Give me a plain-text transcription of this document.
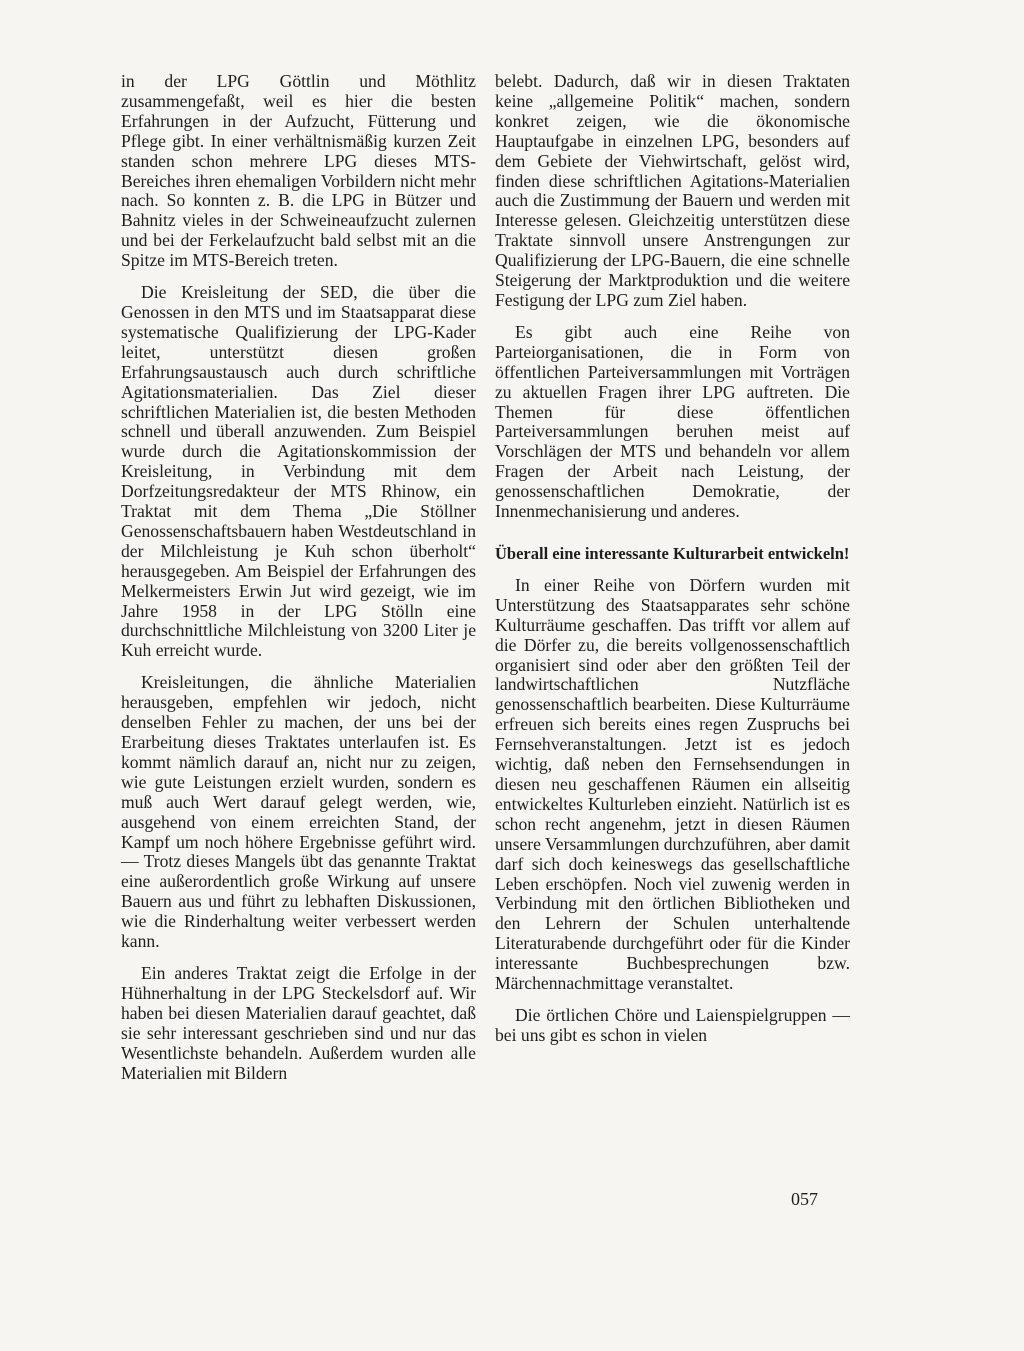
in der LPG Göttlin und Möthlitz zusammengefaßt, weil es hier die besten Erfahrungen in der Aufzucht, Fütterung und Pflege gibt. In einer verhältnismäßig kurzen Zeit standen schon mehrere LPG dieses MTS-Bereiches ihren ehemaligen Vorbildern nicht mehr nach. So konnten z. B. die LPG in Bützer und Bahnitz vieles in der Schweineaufzucht zulernen und bei der Ferkelaufzucht bald selbst mit an die Spitze im MTS-Bereich treten.

Die Kreisleitung der SED, die über die Genossen in den MTS und im Staatsapparat diese systematische Qualifizierung der LPG-Kader leitet, unterstützt diesen großen Erfahrungsaustausch auch durch schriftliche Agitationsmaterialien. Das Ziel dieser schriftlichen Materialien ist, die besten Methoden schnell und überall anzuwenden. Zum Beispiel wurde durch die Agitationskommission der Kreisleitung, in Verbindung mit dem Dorfzeitungsredakteur der MTS Rhinow, ein Traktat mit dem Thema „Die Stöllner Genossenschaftsbauern haben Westdeutschland in der Milchleistung je Kuh schon überholt“ herausgegeben. Am Beispiel der Erfahrungen des Melkermeisters Erwin Jut wird gezeigt, wie im Jahre 1958 in der LPG Stölln eine durchschnittliche Milchleistung von 3200 Liter je Kuh erreicht wurde.

Kreisleitungen, die ähnliche Materialien herausgeben, empfehlen wir jedoch, nicht denselben Fehler zu machen, der uns bei der Erarbeitung dieses Traktates unterlaufen ist. Es kommt nämlich darauf an, nicht nur zu zeigen, wie gute Leistungen erzielt wurden, sondern es muß auch Wert darauf gelegt werden, wie, ausgehend von einem erreichten Stand, der Kampf um noch höhere Ergebnisse geführt wird. — Trotz dieses Mangels übt das genannte Traktat eine außerordentlich große Wirkung auf unsere Bauern aus und führt zu lebhaften Diskussionen, wie die Rinderhaltung weiter verbessert werden kann.

Ein anderes Traktat zeigt die Erfolge in der Hühnerhaltung in der LPG Steckelsdorf auf. Wir haben bei diesen Materialien darauf geachtet, daß sie sehr interessant geschrieben sind und nur das Wesentlichste behandeln. Außerdem wurden alle Materialien mit Bildern

belebt. Dadurch, daß wir in diesen Traktaten keine „allgemeine Politik“ machen, sondern konkret zeigen, wie die ökonomische Hauptaufgabe in einzelnen LPG, besonders auf dem Gebiete der Viehwirtschaft, gelöst wird, finden diese schriftlichen Agitations-Materialien auch die Zustimmung der Bauern und werden mit Interesse gelesen. Gleichzeitig unterstützen diese Traktate sinnvoll unsere Anstrengungen zur Qualifizierung der LPG-Bauern, die eine schnelle Steigerung der Marktproduktion und die weitere Festigung der LPG zum Ziel haben.

Es gibt auch eine Reihe von Parteiorganisationen, die in Form von öffentlichen Parteiversammlungen mit Vorträgen zu aktuellen Fragen ihrer LPG auftreten. Die Themen für diese öffentlichen Parteiversammlungen beruhen meist auf Vorschlägen der MTS und behandeln vor allem Fragen der Arbeit nach Leistung, der genossenschaftlichen Demokratie, der Innenmechanisierung und anderes.

Überall eine interessante Kulturarbeit entwickeln!

In einer Reihe von Dörfern wurden mit Unterstützung des Staatsapparates sehr schöne Kulturräume geschaffen. Das trifft vor allem auf die Dörfer zu, die bereits vollgenossenschaftlich organisiert sind oder aber den größten Teil der landwirtschaftlichen Nutzfläche genossenschaftlich bearbeiten. Diese Kulturräume erfreuen sich bereits eines regen Zuspruchs bei Fernsehveranstaltungen. Jetzt ist es jedoch wichtig, daß neben den Fernsehsendungen in diesen neu geschaffenen Räumen ein allseitig entwickeltes Kulturleben einzieht. Natürlich ist es schon recht angenehm, jetzt in diesen Räumen unsere Versammlungen durchzuführen, aber damit darf sich doch keineswegs das gesellschaftliche Leben erschöpfen. Noch viel zuwenig werden in Verbindung mit den örtlichen Bibliotheken und den Lehrern der Schulen unterhaltende Literaturabende durchgeführt oder für die Kinder interessante Buchbesprechungen bzw. Märchennachmittage veranstaltet.

Die örtlichen Chöre und Laienspielgruppen — bei uns gibt es schon in vielen

057
